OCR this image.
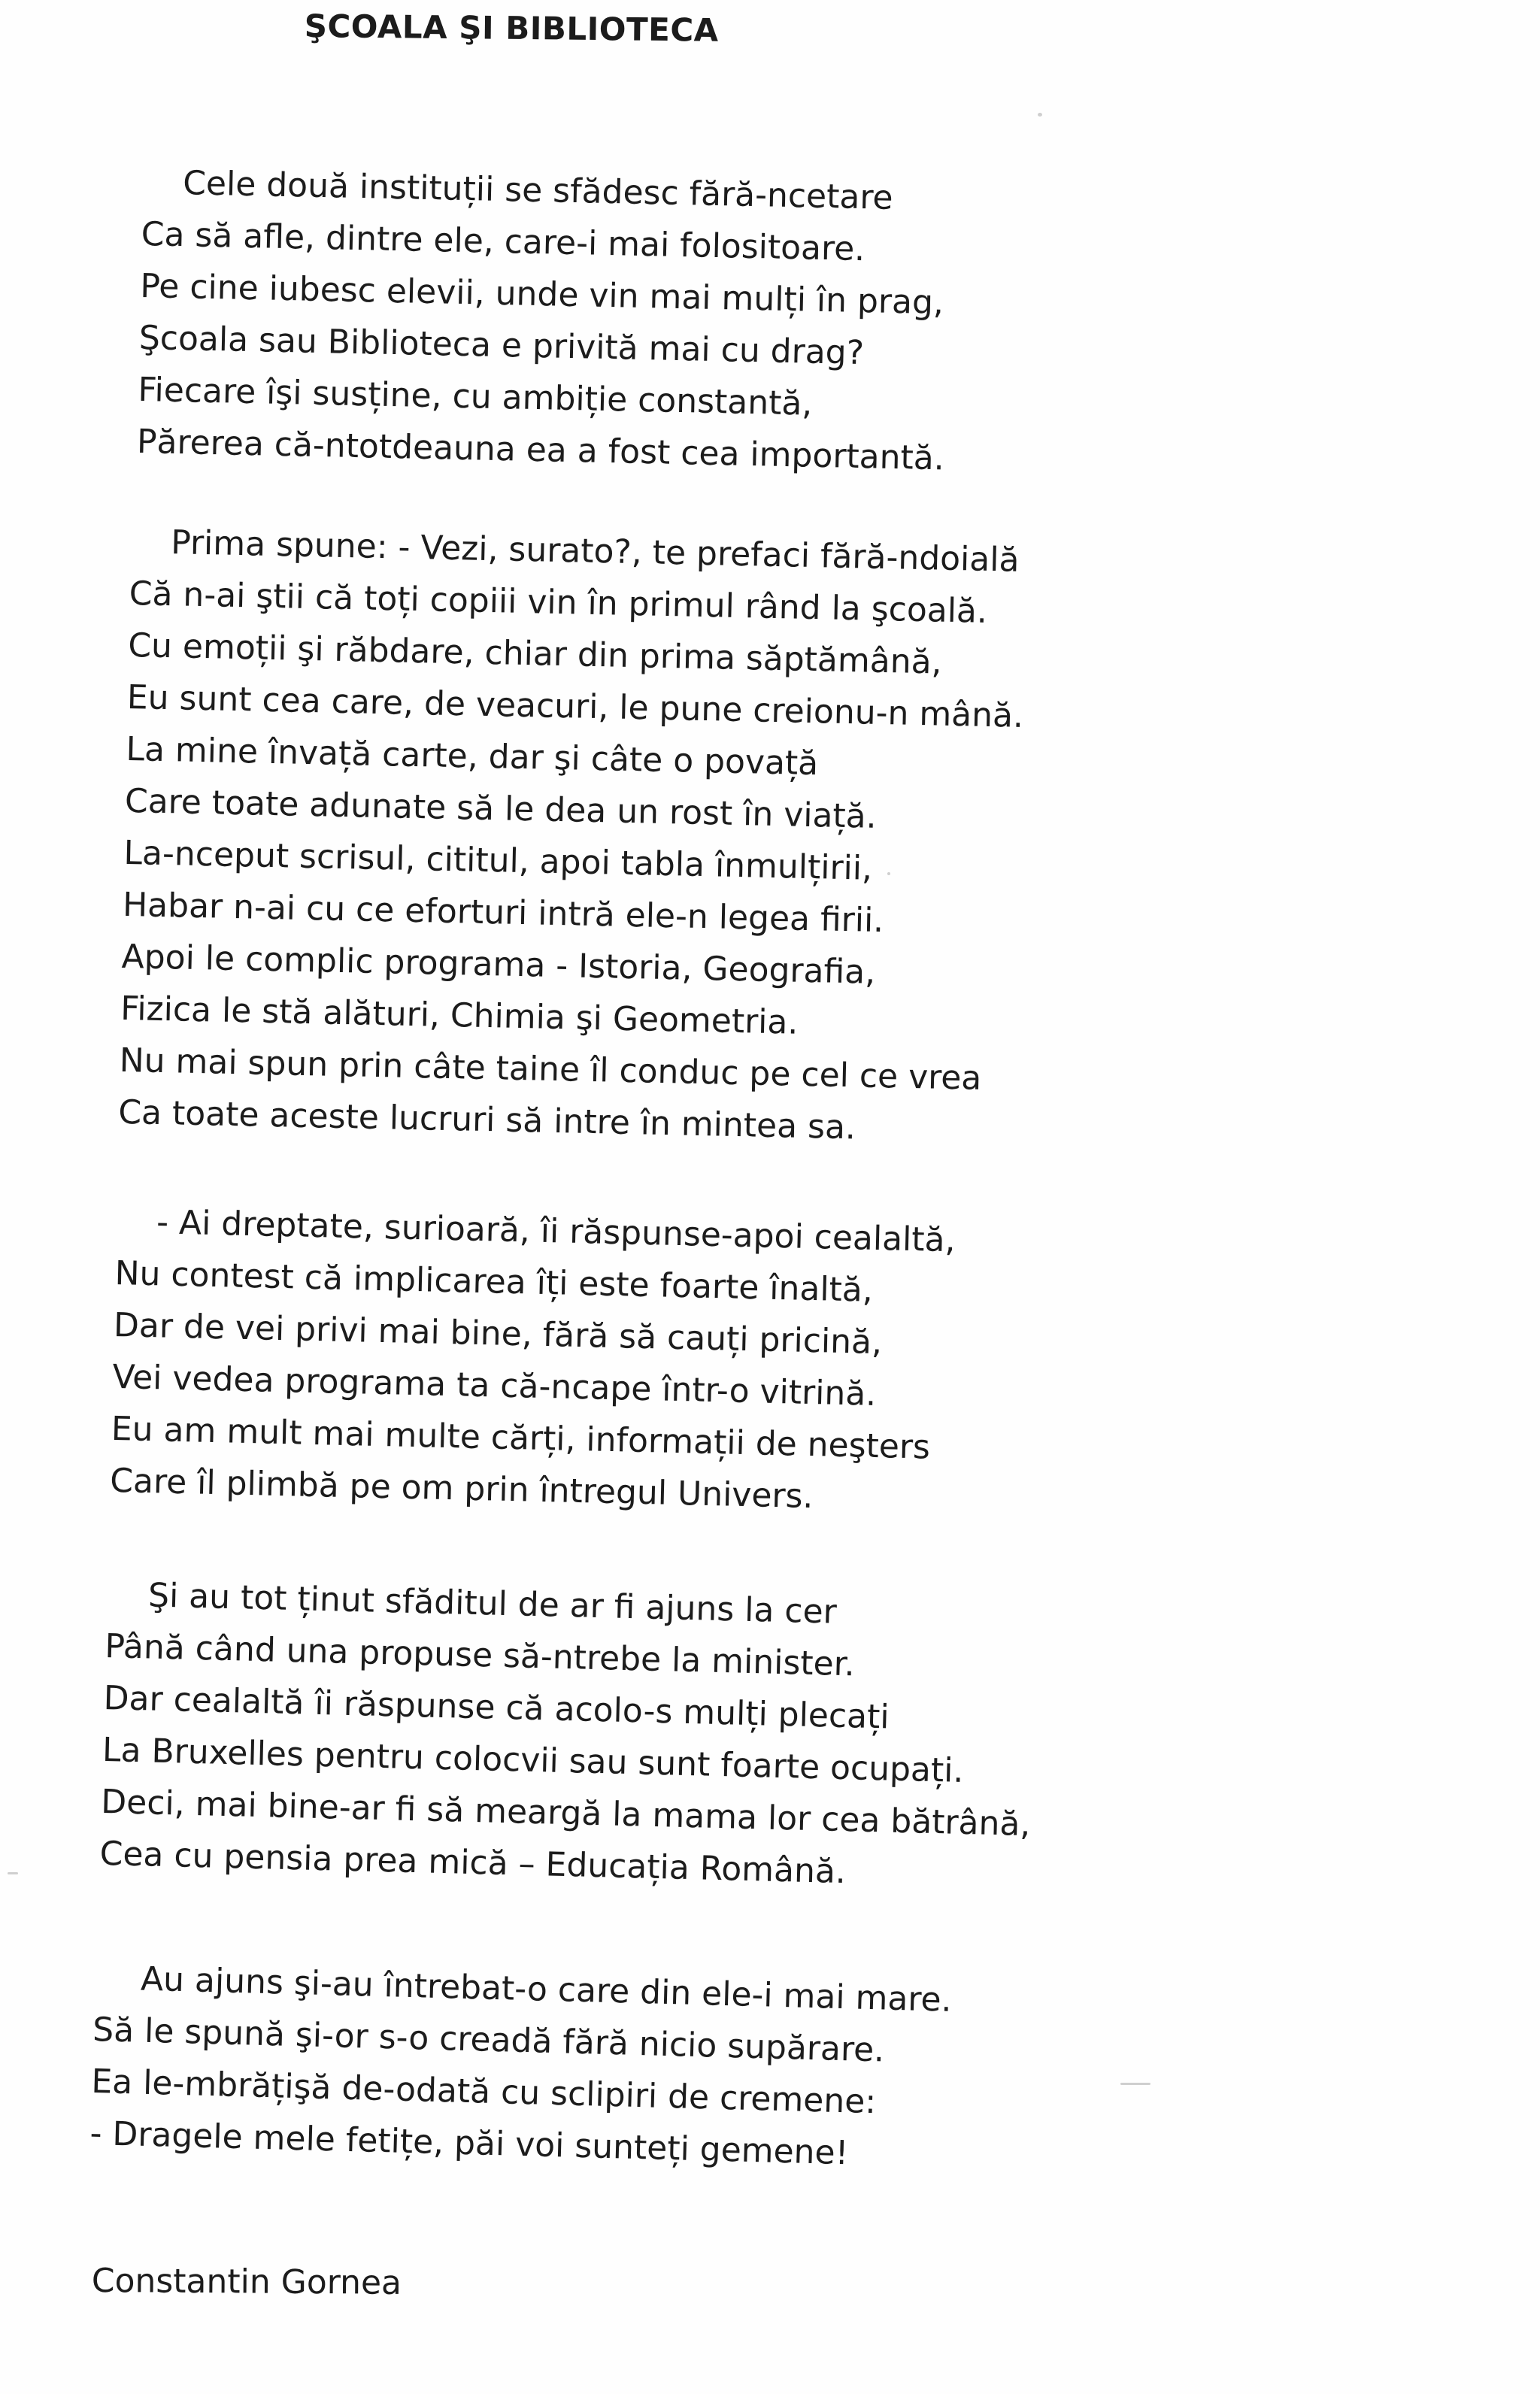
ŞCOALA ŞI BIBLIOTECA
Cele două instituții se sfădesc fără-ncetare
Ca să afle, dintre ele, care-i mai folositoare.
Pe cine iubesc elevii, unde vin mai mulți în prag,
Şcoala sau Biblioteca e privită mai cu drag?
Fiecare îşi susține, cu ambiție constantă,
Părerea că-ntotdeauna ea a fost cea importantă.
Prima spune: - Vezi, surato?, te prefaci fără-ndoială
Că n-ai ştii că toți copiii vin în primul rând la şcoală.
Cu emoții şi răbdare, chiar din prima săptămână,
Eu sunt cea care, de veacuri, le pune creionu-n mână.
La mine învață carte, dar şi câte o povață
Care toate adunate să le dea un rost în viață.
La-nceput scrisul, cititul, apoi tabla înmulțirii,
Habar n-ai cu ce eforturi intră ele-n legea firii.
Apoi le complic programa - Istoria, Geografia,
Fizica le stă alături, Chimia şi Geometria.
Nu mai spun prin câte taine îl conduc pe cel ce vrea
Ca toate aceste lucruri să intre în mintea sa.
- Ai dreptate, surioară, îi răspunse-apoi cealaltă,
Nu contest că implicarea îți este foarte înaltă,
Dar de vei privi mai bine, fără să cauți pricină,
Vei vedea programa ta că-ncape într-o vitrină.
Eu am mult mai multe cărți, informații de neşters
Care îl plimbă pe om prin întregul Univers.
Şi au tot ținut sfăditul de ar fi ajuns la cer
Până când una propuse să-ntrebe la minister.
Dar cealaltă îi răspunse că acolo-s mulți plecați
La Bruxelles pentru colocvii sau sunt foarte ocupați.
Deci, mai bine-ar fi să meargă la mama lor cea bătrână,
Cea cu pensia prea mică – Educația Română.
Au ajuns şi-au întrebat-o care din ele-i mai mare.
Să le spună şi-or s-o creadă fără nicio supărare.
Ea le-mbrățişă de-odată cu sclipiri de cremene:
- Dragele mele fetițe, păi voi sunteți gemene!
Constantin Gornea
